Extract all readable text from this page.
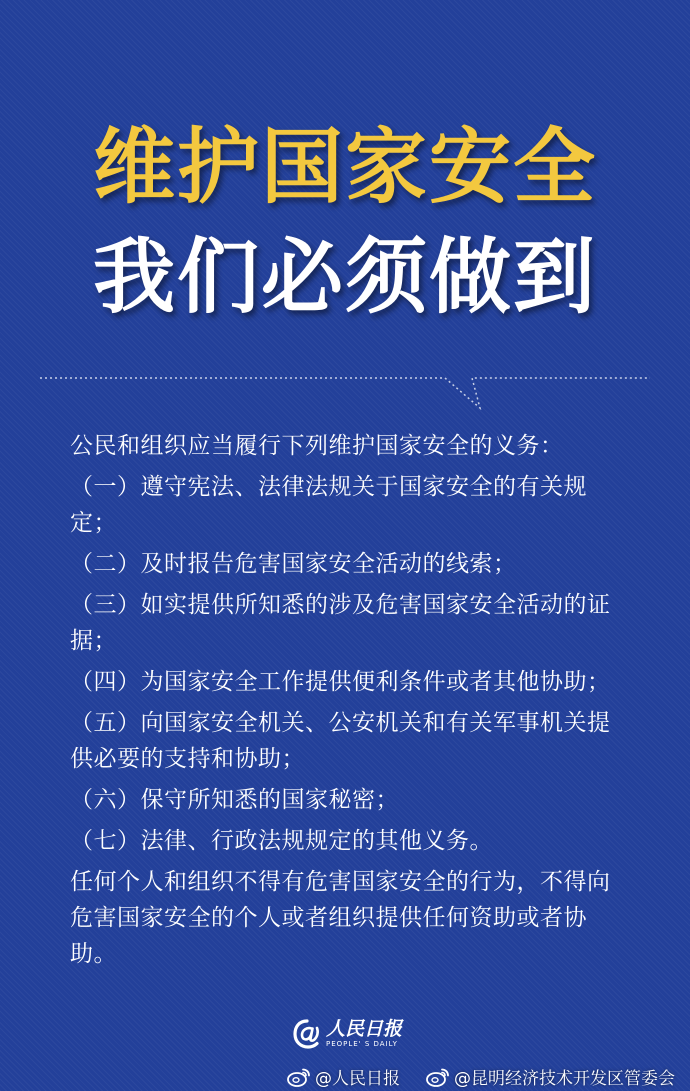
维护国家安全
我们必须做到

公民和组织应当履行下列维护国家安全的义务：

（一）遵守宪法、法律法规关于国家安全的有关规定；

（二）及时报告危害国家安全活动的线索；

（三）如实提供所知悉的涉及危害国家安全活动的证据；

（四）为国家安全工作提供便利条件或者其他协助；

（五）向国家安全机关、公安机关和有关军事机关提供必要的支持和协助；

（六）保守所知悉的国家秘密；

（七）法律、行政法规规定的其他义务。

任何个人和组织不得有危害国家安全的行为，不得向危害国家安全的个人或者组织提供任何资助或者协助。

人民日报
PEOPLE' S DAILY
@人民日报	@昆明经济技术开发区管委会
